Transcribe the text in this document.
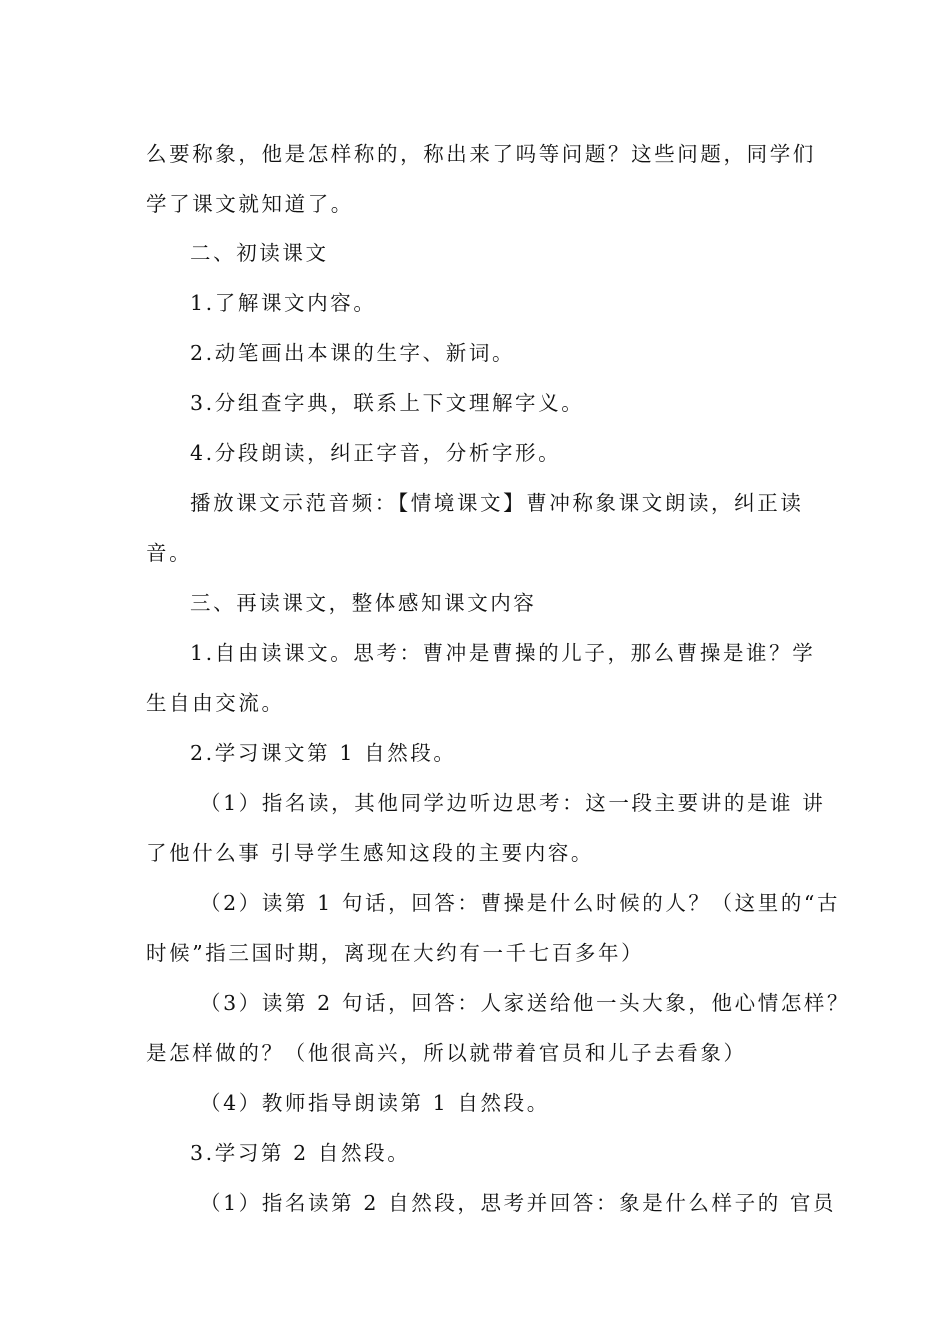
么要称象，他是怎样称的，称出来了吗等问题？这些问题，同学们
学了课文就知道了。
二、初读课文
1.了解课文内容。
2.动笔画出本课的生字、新词。
3.分组查字典，联系上下文理解字义。
4.分段朗读，纠正字音，分析字形。
播放课文示范音频：【情境课文】曹冲称象课文朗读，纠正读
音。
三、再读课文，整体感知课文内容
1.自由读课文。思考：曹冲是曹操的儿子，那么曹操是谁？学
生自由交流。
2.学习课文第 1 自然段。
（1）指名读，其他同学边听边思考：这一段主要讲的是谁 讲
了他什么事 引导学生感知这段的主要内容。
（2）读第 1 句话，回答：曹操是什么时候的人？（这里的“古
时候”指三国时期，离现在大约有一千七百多年）
（3）读第 2 句话，回答：人家送给他一头大象，他心情怎样？
是怎样做的？（他很高兴，所以就带着官员和儿子去看象）
（4）教师指导朗读第 1 自然段。
3.学习第 2 自然段。
（1）指名读第 2 自然段，思考并回答：象是什么样子的 官员
